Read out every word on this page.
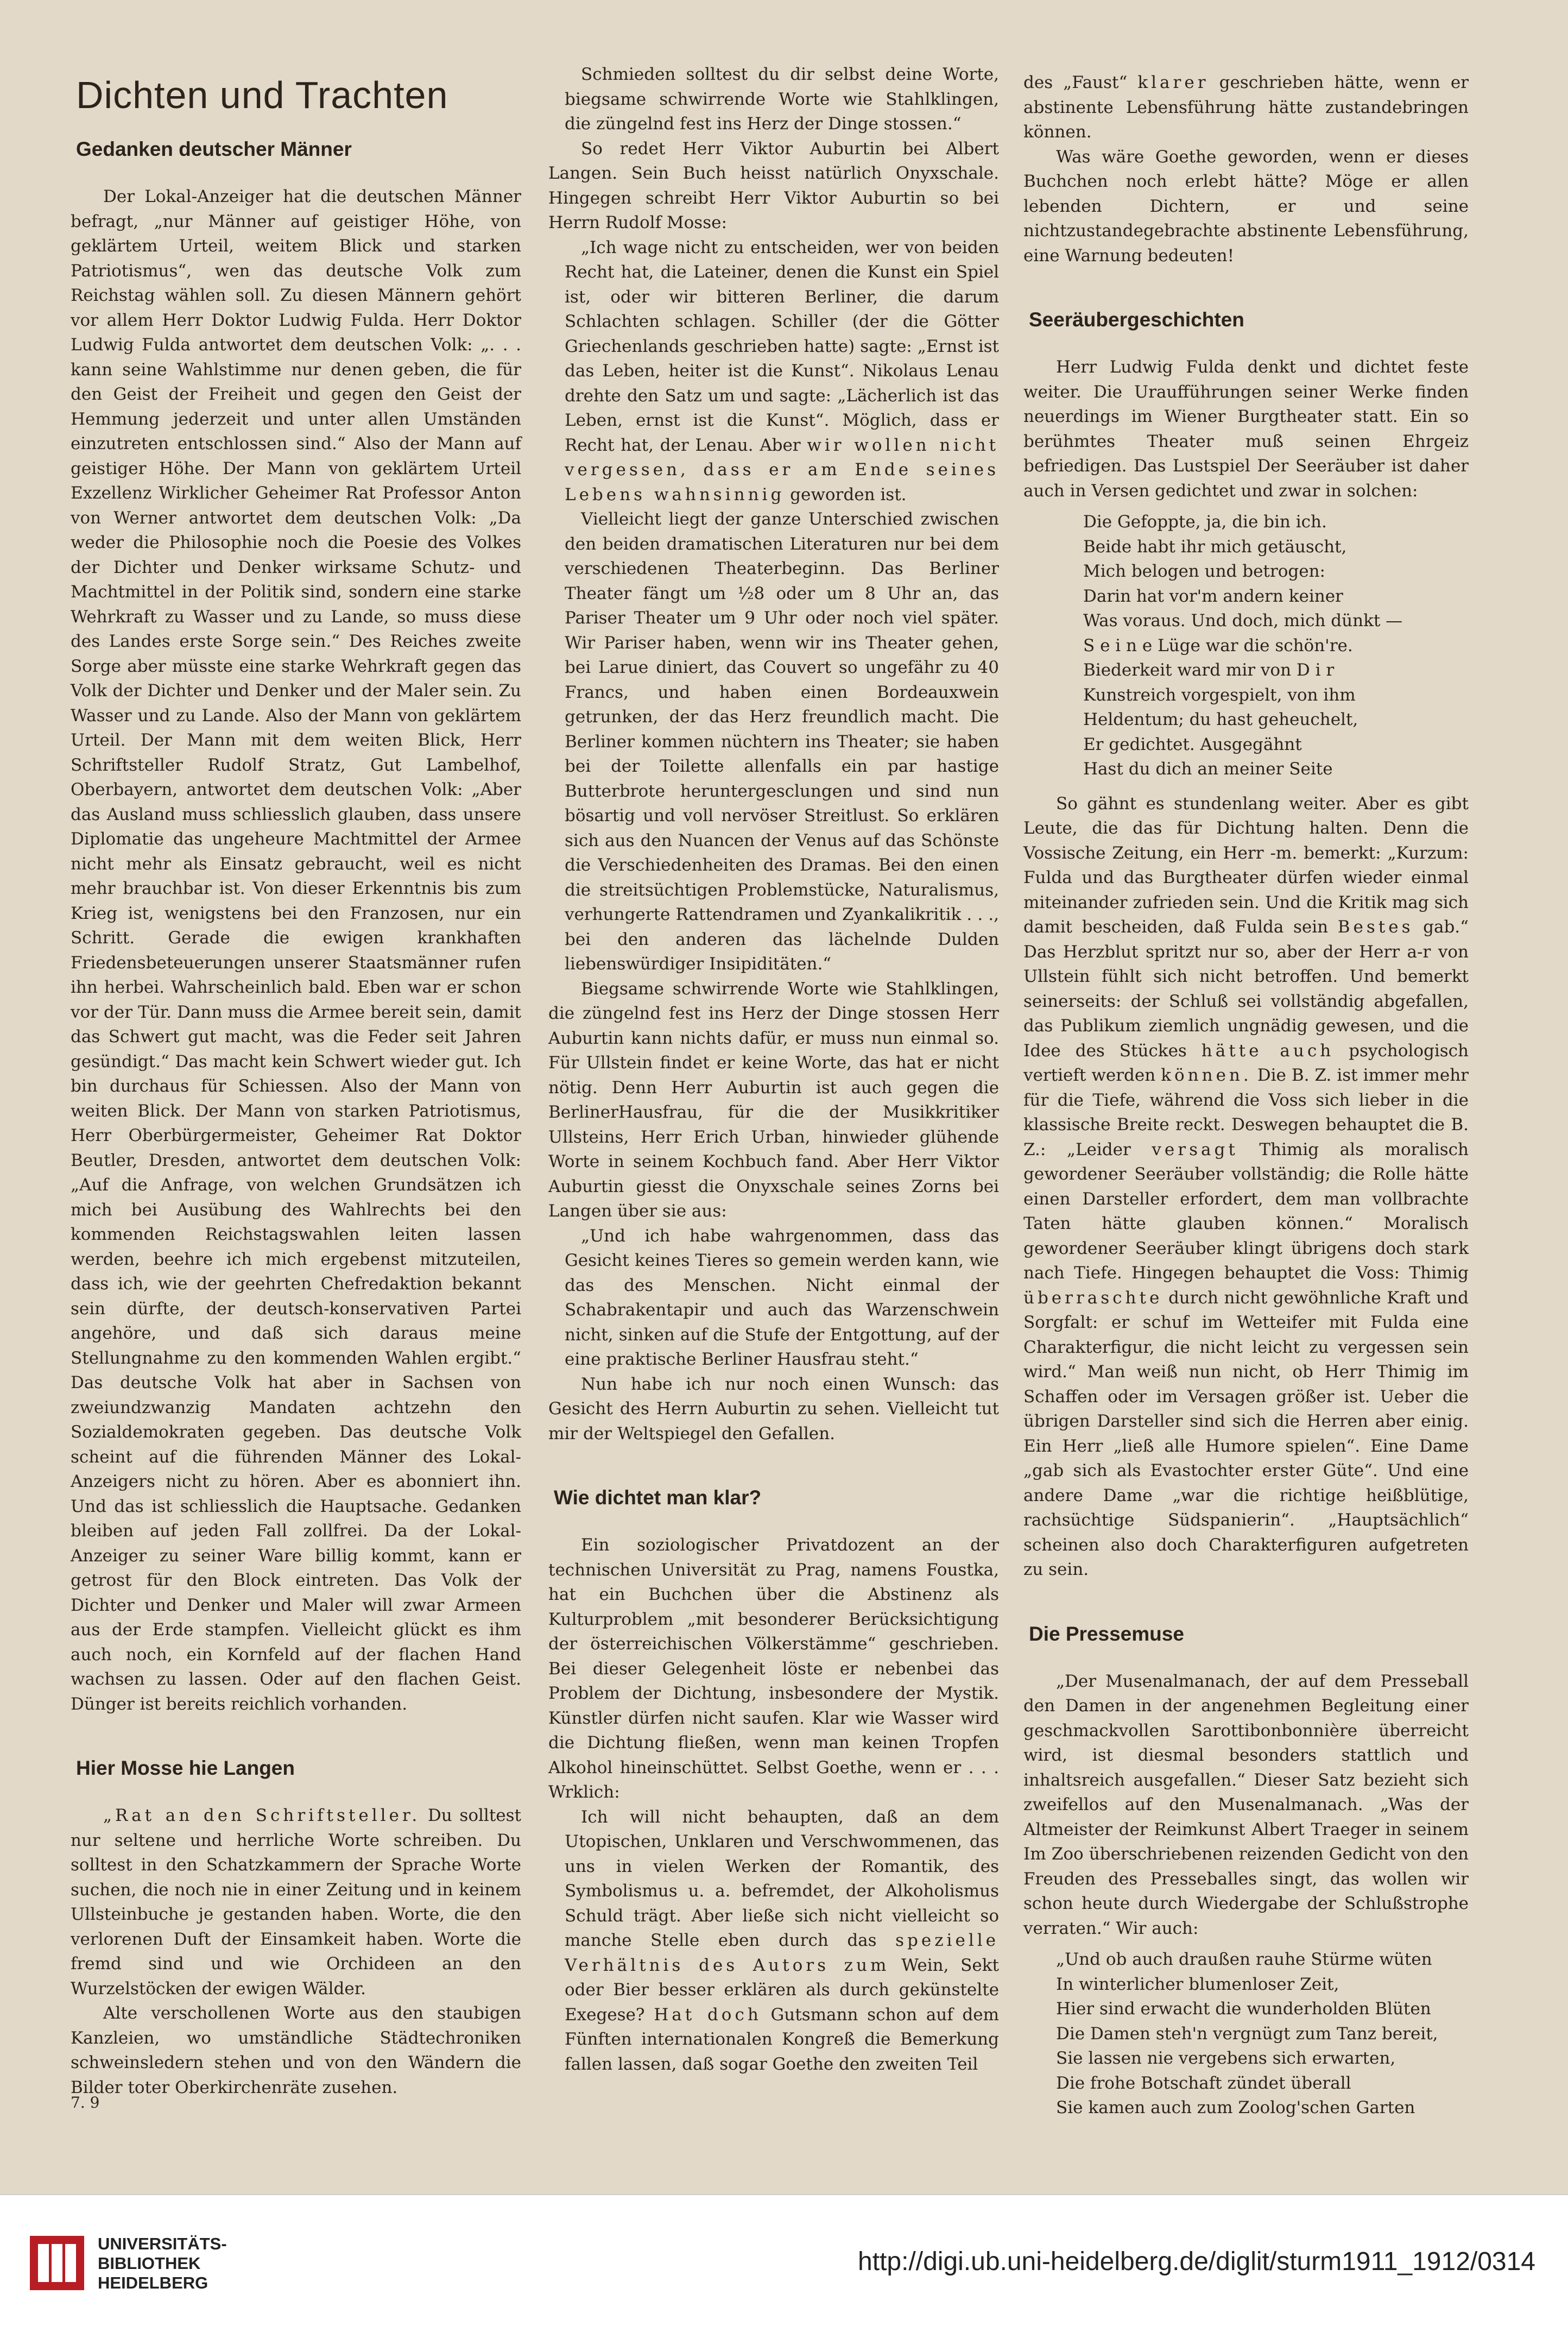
Dichten und Trachten
Gedanken deutscher Männer

Der Lokal-Anzeiger hat die deutschen Männer befragt, „nur Männer auf geistiger Höhe, von geklärtem Urteil, weitem Blick und starken Patriotismus“, wen das deutsche Volk zum Reichstag wählen soll. Zu diesen Männern gehört vor allem Herr Doktor Ludwig Fulda. Herr Doktor Ludwig Fulda antwortet dem deutschen Volk: „. . . kann seine Wahlstimme nur denen geben, die für den Geist der Freiheit und gegen den Geist der Hemmung jederzeit und unter allen Umständen einzutreten entschlossen sind.“ Also der Mann auf geistiger Höhe. Der Mann von geklärtem Urteil Exzellenz Wirklicher Geheimer Rat Professor Anton von Werner antwortet dem deutschen Volk: „Da weder die Philosophie noch die Poesie des Volkes der Dichter und Denker wirksame Schutz- und Machtmittel in der Politik sind, sondern eine starke Wehrkraft zu Wasser und zu Lande, so muss diese des Landes erste Sorge sein.“ Des Reiches zweite Sorge aber müsste eine starke Wehrkraft gegen das Volk der Dichter und Denker und der Maler sein. Zu Wasser und zu Lande. Also der Mann von geklärtem Urteil. Der Mann mit dem weiten Blick, Herr Schriftsteller Rudolf Stratz, Gut Lambelhof, Oberbayern, antwortet dem deutschen Volk: „Aber das Ausland muss schliesslich glauben, dass unsere Diplomatie das ungeheure Machtmittel der Armee nicht mehr als Einsatz gebraucht, weil es nicht mehr brauchbar ist. Von dieser Erkenntnis bis zum Krieg ist, wenigstens bei den Franzosen, nur ein Schritt. Gerade die ewigen krankhaften Friedensbeteuerungen unserer Staatsmänner rufen ihn herbei. Wahrscheinlich bald. Eben war er schon vor der Tür. Dann muss die Armee bereit sein, damit das Schwert gut macht, was die Feder seit Jahren gesündigt.“ Das macht kein Schwert wieder gut. Ich bin durchaus für Schiessen. Also der Mann von weiten Blick. Der Mann von starken Patriotismus, Herr Oberbürgermeister, Geheimer Rat Doktor Beutler, Dresden, antwortet dem deutschen Volk: „Auf die Anfrage, von welchen Grundsätzen ich mich bei Ausübung des Wahlrechts bei den kommenden Reichstagswahlen leiten lassen werden, beehre ich mich ergebenst mitzuteilen, dass ich, wie der geehrten Chefredaktion bekannt sein dürfte, der deutsch-konservativen Partei angehöre, und daß sich daraus meine Stellungnahme zu den kommenden Wahlen ergibt.“ Das deutsche Volk hat aber in Sachsen von zweiundzwanzig Mandaten achtzehn den Sozialdemokraten gegeben. Das deutsche Volk scheint auf die führenden Männer des Lokal-Anzeigers nicht zu hören. Aber es abonniert ihn. Und das ist schliesslich die Hauptsache. Gedanken bleiben auf jeden Fall zollfrei. Da der Lokal-Anzeiger zu seiner Ware billig kommt, kann er getrost für den Block eintreten. Das Volk der Dichter und Denker und Maler will zwar Armeen aus der Erde stampfen. Vielleicht glückt es ihm auch noch, ein Kornfeld auf der flachen Hand wachsen zu lassen. Oder auf den flachen Geist. Dünger ist bereits reichlich vorhanden.

Hier Mosse hie Langen

„Rat an den Schriftsteller. Du solltest nur seltene und herrliche Worte schreiben. Du solltest in den Schatzkammern der Sprache Worte suchen, die noch nie in einer Zeitung und in keinem Ullsteinbuche je gestanden haben. Worte, die den verlorenen Duft der Einsamkeit haben. Worte die fremd sind und wie Orchideen an den Wurzelstöcken der ewigen Wälder.

Alte verschollenen Worte aus den staubigen Kanzleien, wo umständliche Städtechroniken schweinsledern stehen und von den Wändern die Bilder toter Oberkirchenräte zusehen.

Schmieden solltest du dir selbst deine Worte, biegsame schwirrende Worte wie Stahlklingen, die züngelnd fest ins Herz der Dinge stossen.“

So redet Herr Viktor Auburtin bei Albert Langen. Sein Buch heisst natürlich Onyxschale. Hingegen schreibt Herr Viktor Auburtin so bei Herrn Rudolf Mosse:

„Ich wage nicht zu entscheiden, wer von beiden Recht hat, die Lateiner, denen die Kunst ein Spiel ist, oder wir bitteren Berliner, die darum Schlachten schlagen. Schiller (der die Götter Griechenlands geschrieben hatte) sagte: „Ernst ist das Leben, heiter ist die Kunst“. Nikolaus Lenau drehte den Satz um und sagte: „Lächerlich ist das Leben, ernst ist die Kunst“. Möglich, dass er Recht hat, der Lenau. Aber wir wollen nicht vergessen, dass er am Ende seines Lebens wahnsinnig geworden ist.

Vielleicht liegt der ganze Unterschied zwischen den beiden dramatischen Literaturen nur bei dem verschiedenen Theaterbeginn. Das Berliner Theater fängt um ½8 oder um 8 Uhr an, das Pariser Theater um 9 Uhr oder noch viel später. Wir Pariser haben, wenn wir ins Theater gehen, bei Larue diniert, das Couvert so ungefähr zu 40 Francs, und haben einen Bordeauxwein getrunken, der das Herz freundlich macht. Die Berliner kommen nüchtern ins Theater; sie haben bei der Toilette allenfalls ein par hastige Butterbrote heruntergesclungen und sind nun bösartig und voll nervöser Streitlust. So erklären sich aus den Nuancen der Venus auf das Schönste die Verschiedenheiten des Dramas. Bei den einen die streitsüchtigen Problemstücke, Naturalismus, verhungerte Rattendramen und Zyankalikritik . . ., bei den anderen das lächelnde Dulden liebenswürdiger Insipiditäten.“

Biegsame schwirrende Worte wie Stahlklingen, die züngelnd fest ins Herz der Dinge stossen Herr Auburtin kann nichts dafür, er muss nun einmal so. Für Ullstein findet er keine Worte, das hat er nicht nötig. Denn Herr Auburtin ist auch gegen die BerlinerHausfrau, für die der Musikkritiker Ullsteins, Herr Erich Urban, hinwieder glühende Worte in seinem Kochbuch fand. Aber Herr Viktor Auburtin giesst die Onyxschale seines Zorns bei Langen über sie aus:

„Und ich habe wahrgenommen, dass das Gesicht keines Tieres so gemein werden kann, wie das des Menschen. Nicht einmal der Schabrakentapir und auch das Warzenschwein nicht, sinken auf die Stufe der Entgottung, auf der eine praktische Berliner Hausfrau steht.“

Nun habe ich nur noch einen Wunsch: das Gesicht des Herrn Auburtin zu sehen. Vielleicht tut mir der Weltspiegel den Gefallen.

Wie dichtet man klar?

Ein soziologischer Privatdozent an der technischen Universität zu Prag, namens Foustka, hat ein Buchchen über die Abstinenz als Kulturproblem „mit besonderer Berücksichtigung der österreichischen Völkerstämme“ geschrieben. Bei dieser Gelegenheit löste er nebenbei das Problem der Dichtung, insbesondere der Mystik. Künstler dürfen nicht saufen. Klar wie Wasser wird die Dichtung fließen, wenn man keinen Tropfen Alkohol hineinschüttet. Selbst Goethe, wenn er . . . Wrklich:

Ich will nicht behaupten, daß an dem Utopischen, Unklaren und Verschwommenen, das uns in vielen Werken der Romantik, des Symbolismus u. a. befremdet, der Alkoholismus Schuld trägt. Aber ließe sich nicht vielleicht so manche Stelle eben durch das spezielle Verhältnis des Autors zum Wein, Sekt oder Bier besser erklären als durch gekünstelte Exegese? Hat doch Gutsmann schon auf dem Fünften internationalen Kongreß die Bemerkung fallen lassen, daß sogar Goethe den zweiten Teil

des „Faust“ klarer geschrieben hätte, wenn er abstinente Lebensführung hätte zustandebringen können.

Was wäre Goethe geworden, wenn er dieses Buchchen noch erlebt hätte? Möge er allen lebenden Dichtern, er und seine nichtzustandegebrachte abstinente Lebensführung, eine Warnung bedeuten!

Seeräubergeschichten

Herr Ludwig Fulda denkt und dichtet feste weiter. Die Uraufführungen seiner Werke finden neuerdings im Wiener Burgtheater statt. Ein so berühmtes Theater muß seinen Ehrgeiz befriedigen. Das Lustspiel Der Seeräuber ist daher auch in Versen gedichtet und zwar in solchen:

Die Gefoppte, ja, die bin ich.
Beide habt ihr mich getäuscht,
Mich belogen und betrogen:
Darin hat vor'm andern keiner
Was voraus. Und doch, mich dünkt —
S e i n e Lüge war die schön're.
Biederkeit ward mir von D i r
Kunstreich vorgespielt, von ihm
Heldentum; du hast geheuchelt,
Er gedichtet. Ausgegähnt
Hast du dich an meiner Seite

So gähnt es stundenlang weiter. Aber es gibt Leute, die das für Dichtung halten. Denn die Vossische Zeitung, ein Herr -m. bemerkt: „Kurzum: Fulda und das Burgtheater dürfen wieder einmal miteinander zufrieden sein. Und die Kritik mag sich damit bescheiden, daß Fulda sein Bestes gab.“ Das Herzblut spritzt nur so, aber der Herr a-r von Ullstein fühlt sich nicht betroffen. Und bemerkt seinerseits: der Schluß sei vollständig abgefallen, das Publikum ziemlich ungnädig gewesen, und die Idee des Stückes hätte auch psychologisch vertieft werden können. Die B. Z. ist immer mehr für die Tiefe, während die Voss sich lieber in die klassische Breite reckt. Deswegen behauptet die B. Z.: „Leider versagt Thimig als moralisch gewordener Seeräuber vollständig; die Rolle hätte einen Darsteller erfordert, dem man vollbrachte Taten hätte glauben können.“ Moralisch gewordener Seeräuber klingt übrigens doch stark nach Tiefe. Hingegen behauptet die Voss: Thimig überraschte durch nicht gewöhnliche Kraft und Sorgfalt: er schuf im Wetteifer mit Fulda eine Charakterfigur, die nicht leicht zu vergessen sein wird.“ Man weiß nun nicht, ob Herr Thimig im Schaffen oder im Versagen größer ist. Ueber die übrigen Darsteller sind sich die Herren aber einig. Ein Herr „ließ alle Humore spielen“. Eine Dame „gab sich als Evastochter erster Güte“. Und eine andere Dame „war die richtige heißblütige, rachsüchtige Südspanierin“. „Hauptsächlich“ scheinen also doch Charakterfiguren aufgetreten zu sein.

Die Pressemuse

„Der Musenalmanach, der auf dem Presseball den Damen in der angenehmen Begleitung einer geschmackvollen Sarottibonbonnière überreicht wird, ist diesmal besonders stattlich und inhaltsreich ausgefallen.“ Dieser Satz bezieht sich zweifellos auf den Musenalmanach. „Was der Altmeister der Reimkunst Albert Traeger in seinem Im Zoo überschriebenen reizenden Gedicht von den Freuden des Presseballes singt, das wollen wir schon heute durch Wiedergabe der Schlußstrophe verraten.“ Wir auch:

„Und ob auch draußen rauhe Stürme wüten
In winterlicher blumenloser Zeit,
Hier sind erwacht die wunderholden Blüten
Die Damen steh'n vergnügt zum Tanz bereit,
Sie lassen nie vergebens sich erwarten,
Die frohe Botschaft zündet überall
Sie kamen auch zum Zoolog'schen Garten
7. 9
UNIVERSITÄTS-
BIBLIOTHEK
HEIDELBERG
http://digi.ub.uni-heidelberg.de/diglit/sturm1911_1912/0314
